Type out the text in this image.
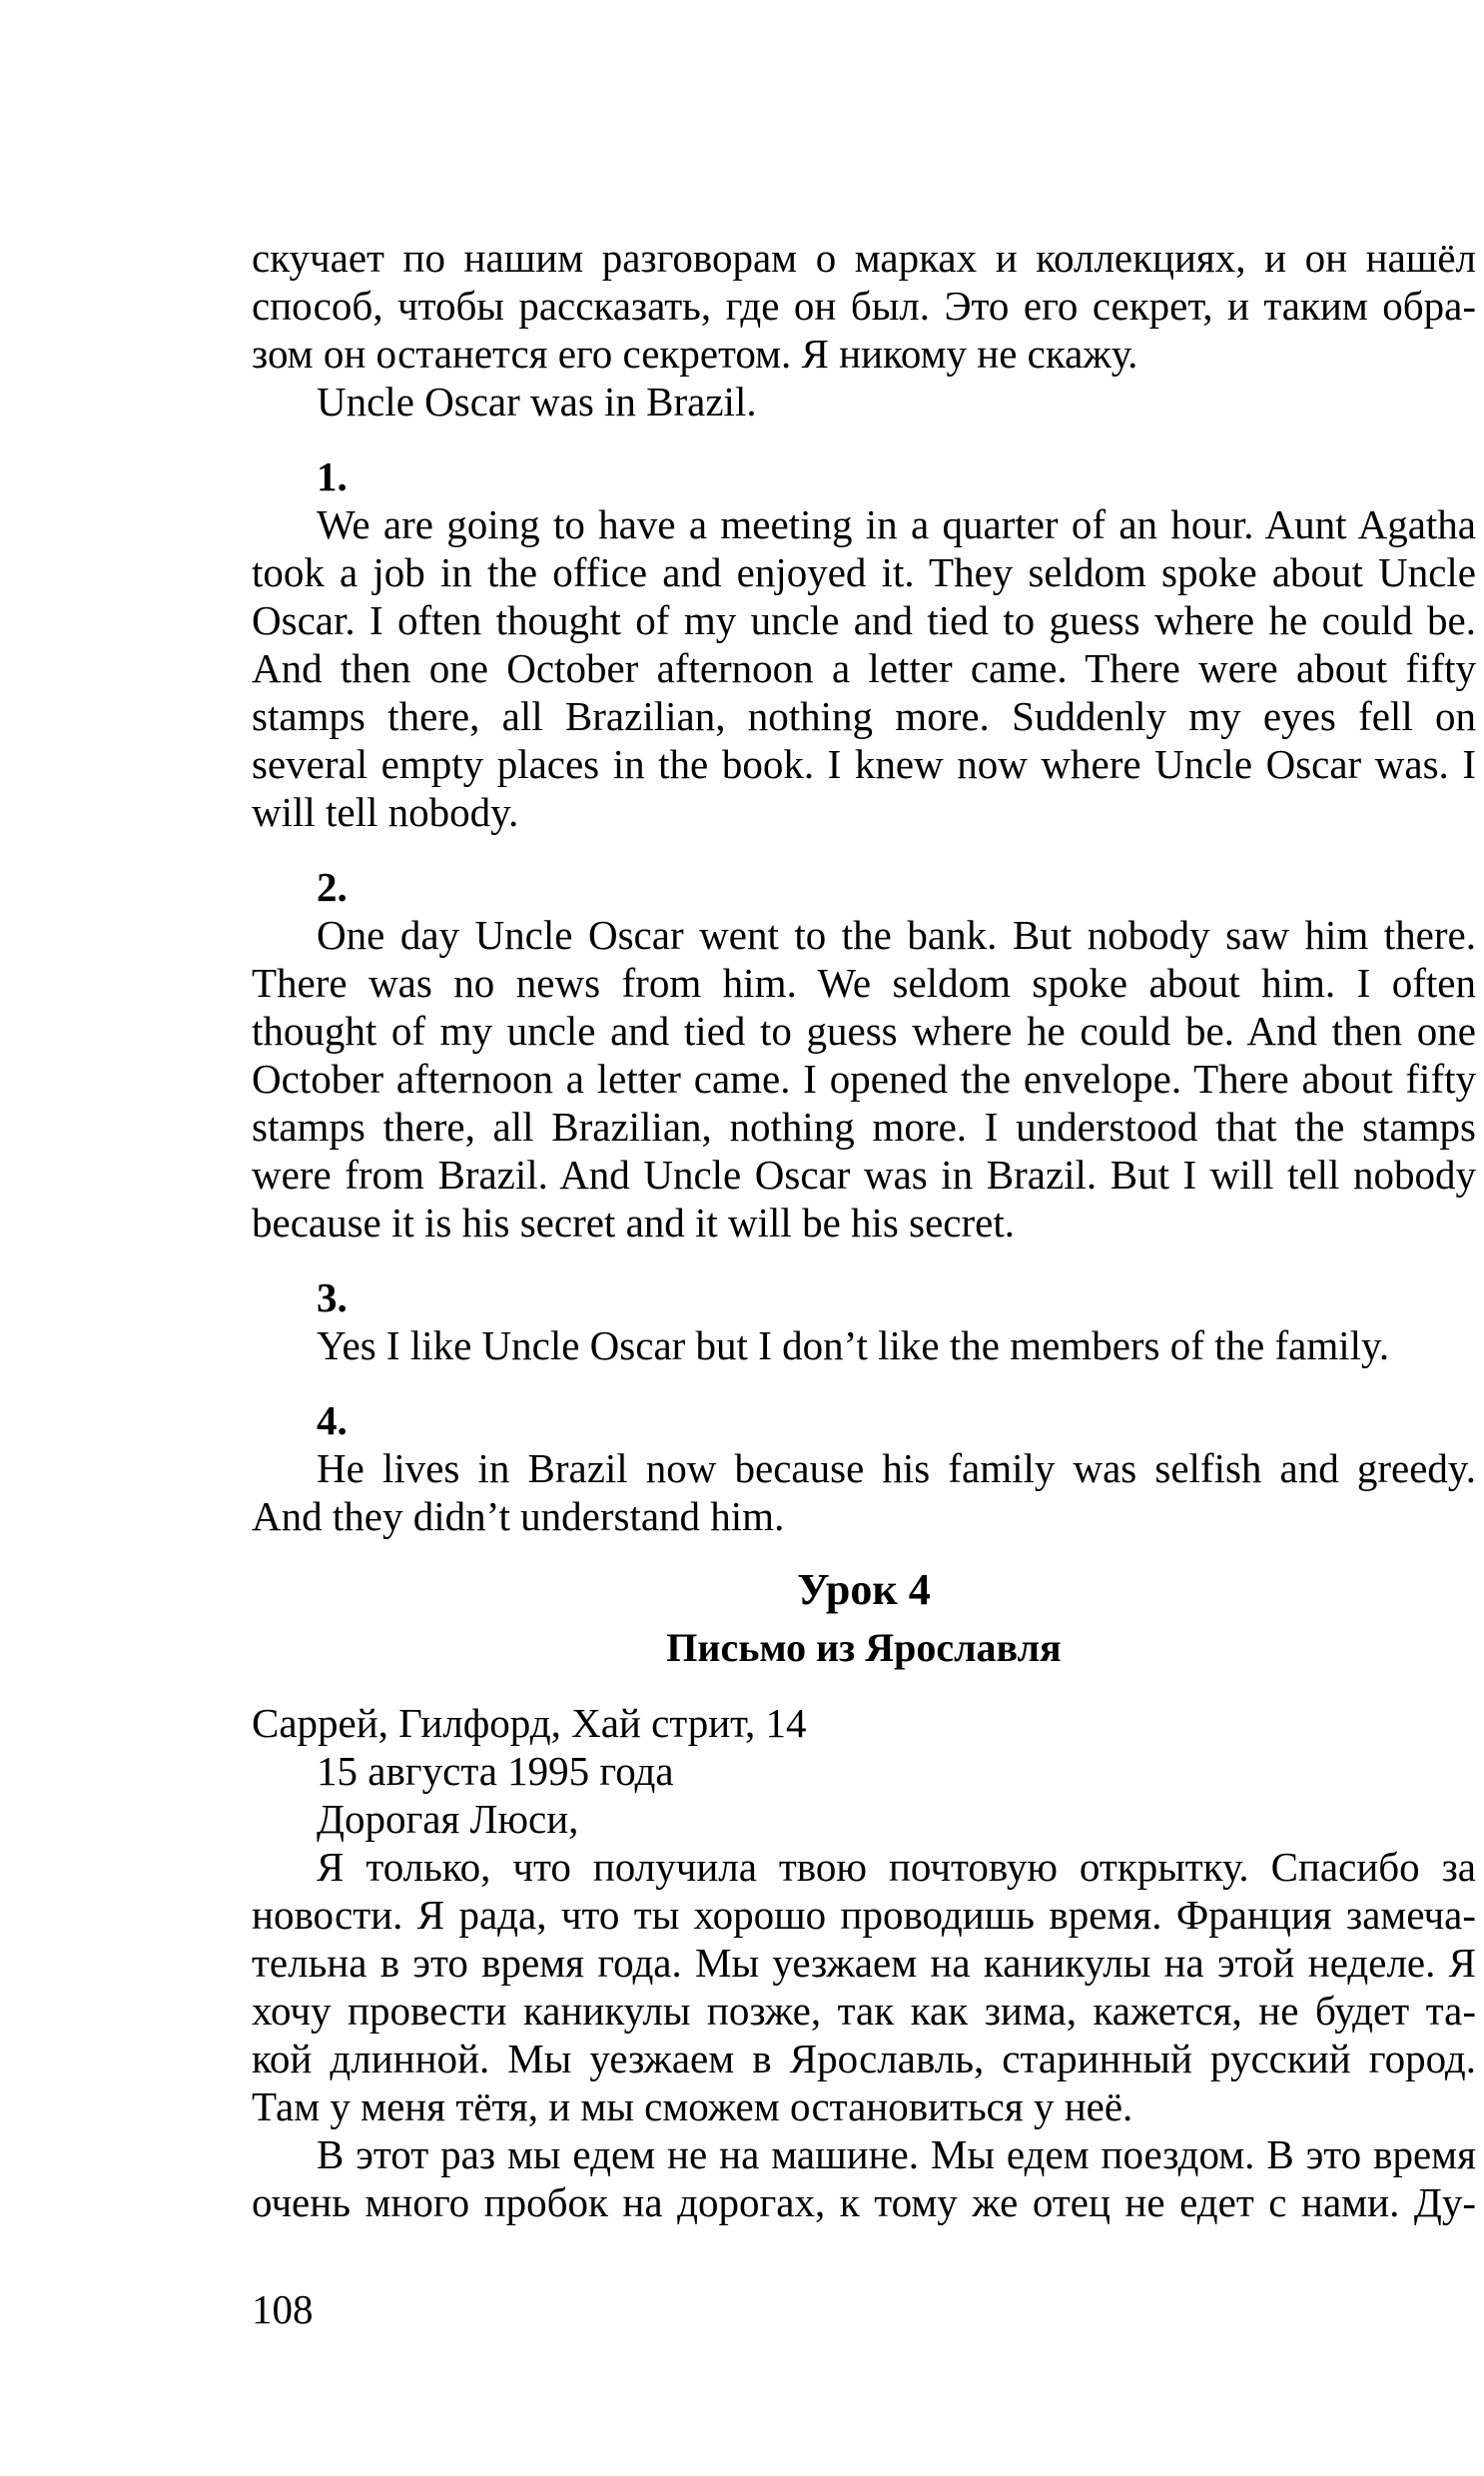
скучает по нашим разговорам о марках и коллекциях, и он нашёл
способ, чтобы рассказать, где он был. Это его секрет, и таким обра-
зом он останется его секретом. Я никому не скажу.
Uncle Oscar was in Brazil.
1.
We are going to have a meeting in a quarter of an hour. Aunt Agatha
took a job in the office and enjoyed it. They seldom spoke about Uncle
Oscar. I often thought of my uncle and tied to guess where he could be.
And then one October afternoon a letter came. There were about fifty
stamps there, all Brazilian, nothing more. Suddenly my eyes fell on
several empty places in the book. I knew now where Uncle Oscar was. I
will tell nobody.
2.
One day Uncle Oscar went to the bank. But nobody saw him there.
There was no news from him. We seldom spoke about him. I often
thought of my uncle and tied to guess where he could be. And then one
October afternoon a letter came. I opened the envelope. There about fifty
stamps there, all Brazilian, nothing more. I understood that the stamps
were from Brazil. And Uncle Oscar was in Brazil. But I will tell nobody
because it is his secret and it will be his secret.
3.
Yes I like Uncle Oscar but I don’t like the members of the family.
4.
He lives in Brazil now because his family was selfish and greedy.
And they didn’t understand him.
Урок 4
Письмо из Ярославля
Саррей, Гилфорд, Хай стрит, 14
15 августа 1995 года
Дорогая Люси,
Я только, что получила твою почтовую открытку. Спасибо за
новости. Я рада, что ты хорошо проводишь время. Франция замеча-
тельна в это время года. Мы уезжаем на каникулы на этой неделе. Я
хочу провести каникулы позже, так как зима, кажется, не будет та-
кой длинной. Мы уезжаем в Ярославль, старинный русский город.
Там у меня тётя, и мы сможем остановиться у неё.
В этот раз мы едем не на машине. Мы едем поездом. В это время
очень много пробок на дорогах, к тому же отец не едет с нами. Ду-
108
